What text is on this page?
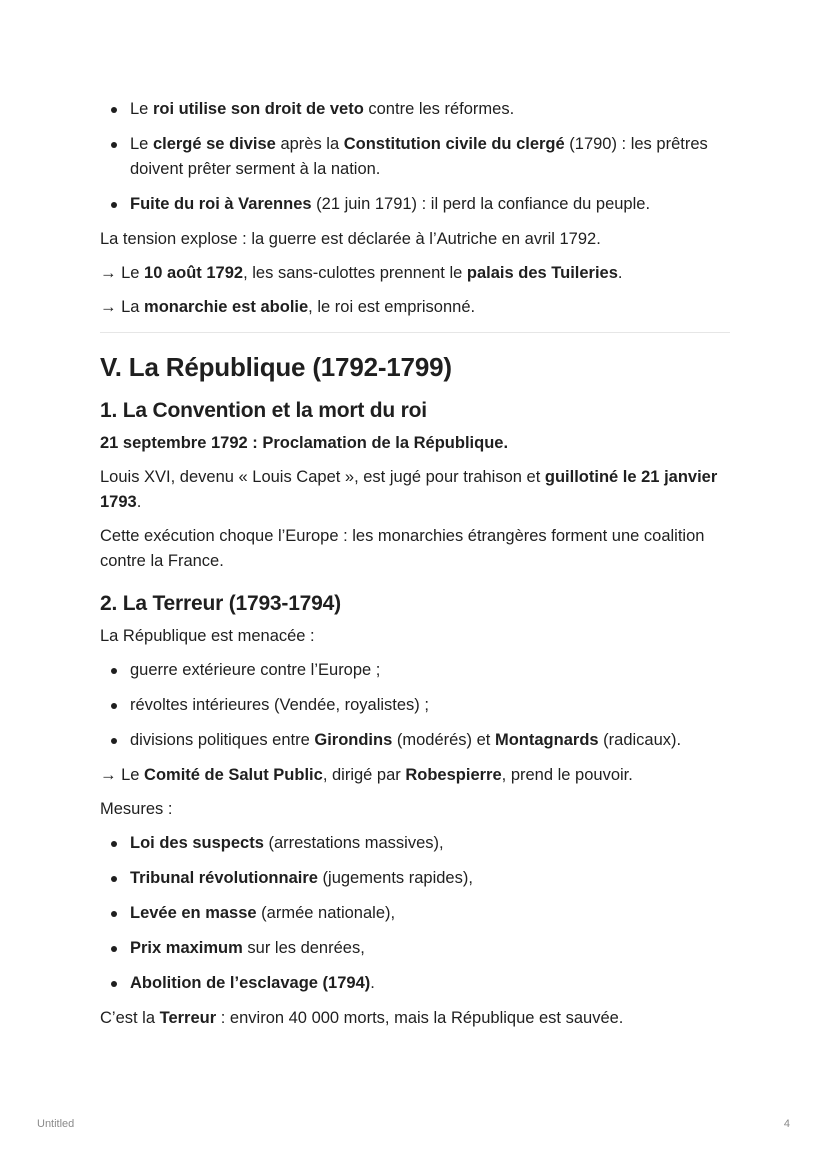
Le roi utilise son droit de veto contre les réformes.
Le clergé se divise après la Constitution civile du clergé (1790) : les prêtres doivent prêter serment à la nation.
Fuite du roi à Varennes (21 juin 1791) : il perd la confiance du peuple.

La tension explose : la guerre est déclarée à l’Autriche en avril 1792.

→ Le 10 août 1792, les sans-culottes prennent le palais des Tuileries.

→ La monarchie est abolie, le roi est emprisonné.

V. La République (1792-1799)
1. La Convention et la mort du roi

21 septembre 1792 : Proclamation de la République.

Louis XVI, devenu « Louis Capet », est jugé pour trahison et guillotiné le 21 janvier 1793.

Cette exécution choque l’Europe : les monarchies étrangères forment une coalition contre la France.

2. La Terreur (1793-1794)

La République est menacée :

guerre extérieure contre l’Europe ;
révoltes intérieures (Vendée, royalistes) ;
divisions politiques entre Girondins (modérés) et Montagnards (radicaux).

→ Le Comité de Salut Public, dirigé par Robespierre, prend le pouvoir.

Mesures :

Loi des suspects (arrestations massives),
Tribunal révolutionnaire (jugements rapides),
Levée en masse (armée nationale),
Prix maximum sur les denrées,
Abolition de l’esclavage (1794).

C’est la Terreur : environ 40 000 morts, mais la République est sauvée.

Untitled	4
